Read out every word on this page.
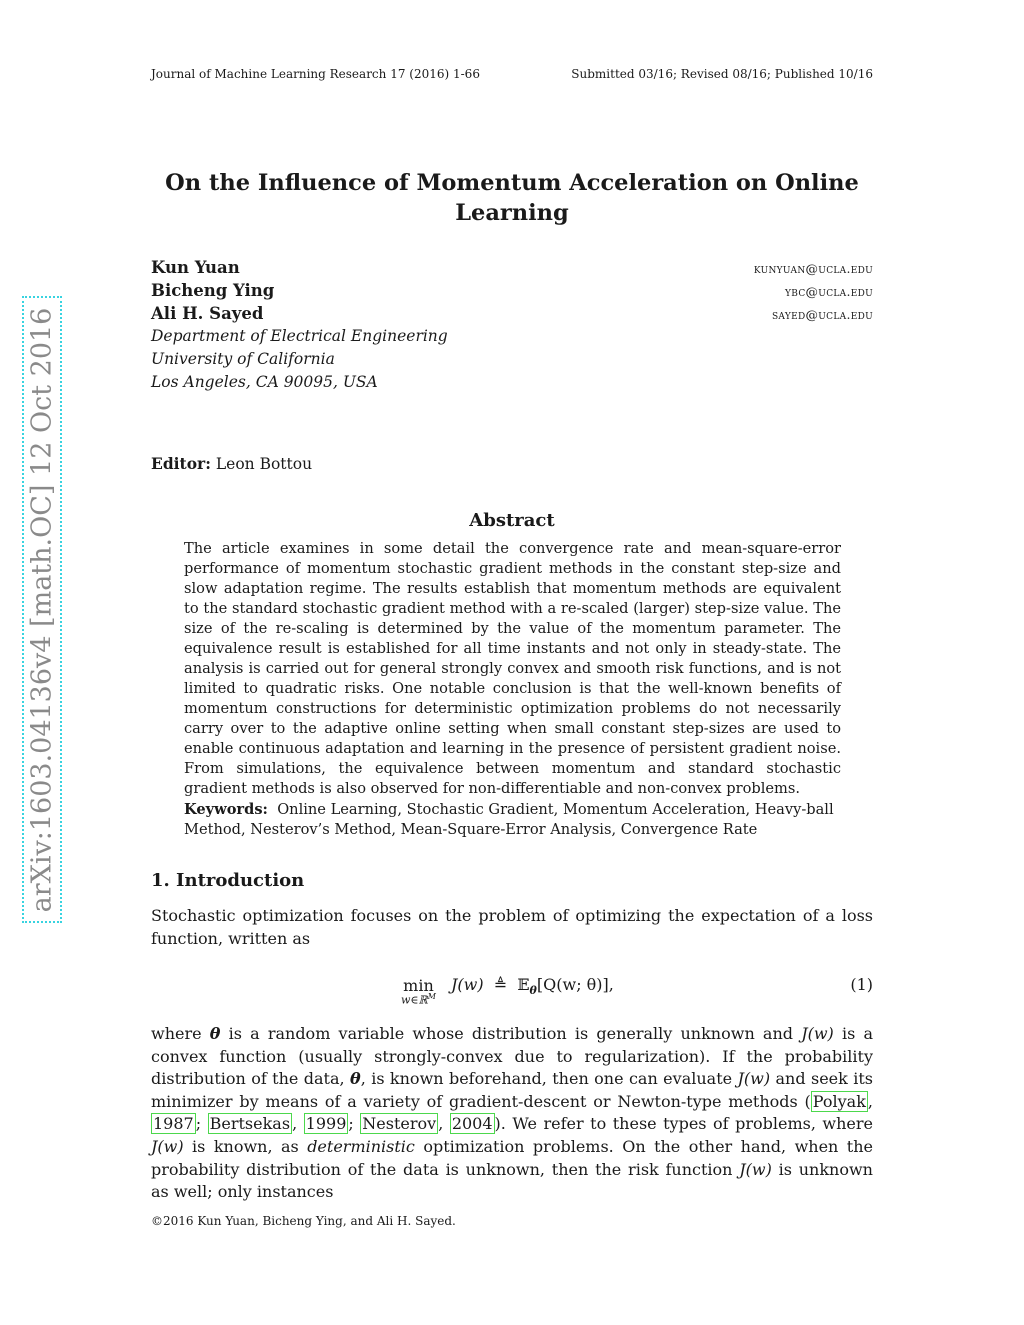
Journal of Machine Learning Research 17 (2016) 1-66	Submitted 03/16; Revised 08/16; Published 10/16
arXiv:1603.04136v4 [math.OC] 12 Oct 2016
On the Influence of Momentum Acceleration on Online Learning
Kun Yuan	kunyuan@ucla.edu
Bicheng Ying	ybc@ucla.edu
Ali H. Sayed	sayed@ucla.edu
Department of Electrical Engineering
University of California
Los Angeles, CA 90095, USA
Editor: Leon Bottou
Abstract

The article examines in some detail the convergence rate and mean-square-error performance of momentum stochastic gradient methods in the constant step-size and slow adaptation regime. The results establish that momentum methods are equivalent to the standard stochastic gradient method with a re-scaled (larger) step-size value. The size of the re-scaling is determined by the value of the momentum parameter. The equivalence result is established for all time instants and not only in steady-state. The analysis is carried out for general strongly convex and smooth risk functions, and is not limited to quadratic risks. One notable conclusion is that the well-known benefits of momentum constructions for deterministic optimization problems do not necessarily carry over to the adaptive online setting when small constant step-sizes are used to enable continuous adaptation and learning in the presence of persistent gradient noise. From simulations, the equivalence between momentum and standard stochastic gradient methods is also observed for non-differentiable and non-convex problems.

Keywords: Online Learning, Stochastic Gradient, Momentum Acceleration, Heavy-ball Method, Nesterov’s Method, Mean-Square-Error Analysis, Convergence Rate

1. Introduction

Stochastic optimization focuses on the problem of optimizing the expectation of a loss function, written as

min
w∈ℝ$^M$
J(w) ≜ 𝔼$_\theta$[Q(w; θ)],	(1)

where θ is a random variable whose distribution is generally unknown and J(w) is a convex function (usually strongly-convex due to regularization). If the probability distribution of the data, θ, is known beforehand, then one can evaluate J(w) and seek its minimizer by means of a variety of gradient-descent or Newton-type methods ( Polyak , 1987 ; Bertsekas , 1999 ; Nesterov , 2004 ). We refer to these types of problems, where J(w) is known, as deterministic optimization problems. On the other hand, when the probability distribution of the data is unknown, then the risk function J(w) is unknown as well; only instances

©2016 Kun Yuan, Bicheng Ying, and Ali H. Sayed.
